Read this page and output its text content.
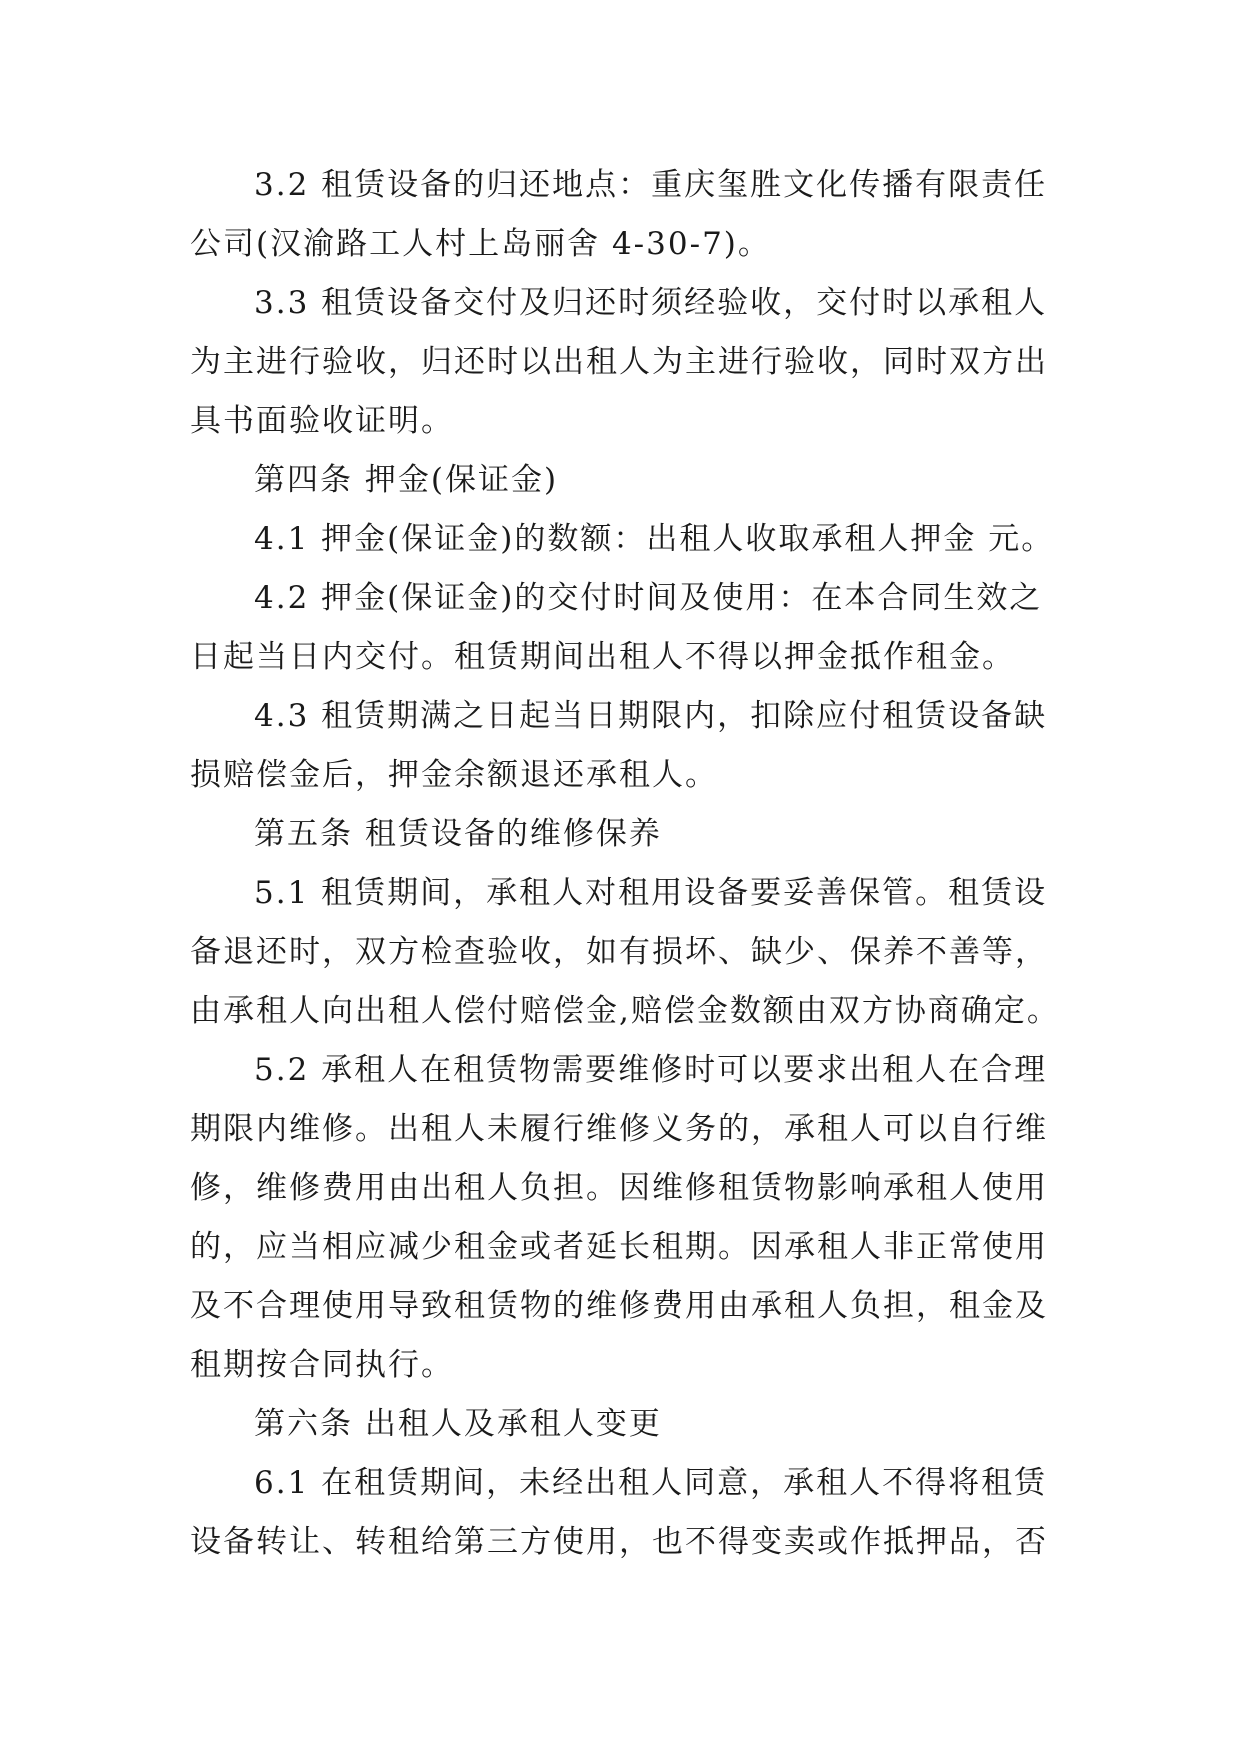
3.2 租赁设备的归还地点：重庆玺胜文化传播有限责任
公司(汉渝路工人村上岛丽舍 4-30-7)。
3.3 租赁设备交付及归还时须经验收，交付时以承租人
为主进行验收，归还时以出租人为主进行验收，同时双方出
具书面验收证明。
第四条 押金(保证金)
4.1 押金(保证金)的数额：出租人收取承租人押金 元。
4.2 押金(保证金)的交付时间及使用：在本合同生效之
日起当日内交付。租赁期间出租人不得以押金抵作租金。
4.3 租赁期满之日起当日期限内，扣除应付租赁设备缺
损赔偿金后，押金余额退还承租人。
第五条 租赁设备的维修保养
5.1 租赁期间，承租人对租用设备要妥善保管。租赁设
备退还时，双方检查验收，如有损坏、缺少、保养不善等，
由承租人向出租人偿付赔偿金,赔偿金数额由双方协商确定。
5.2 承租人在租赁物需要维修时可以要求出租人在合理
期限内维修。出租人未履行维修义务的，承租人可以自行维
修，维修费用由出租人负担。因维修租赁物影响承租人使用
的，应当相应减少租金或者延长租期。因承租人非正常使用
及不合理使用导致租赁物的维修费用由承租人负担，租金及
租期按合同执行。
第六条 出租人及承租人变更
6.1 在租赁期间，未经出租人同意，承租人不得将租赁
设备转让、转租给第三方使用，也不得变卖或作抵押品，否
